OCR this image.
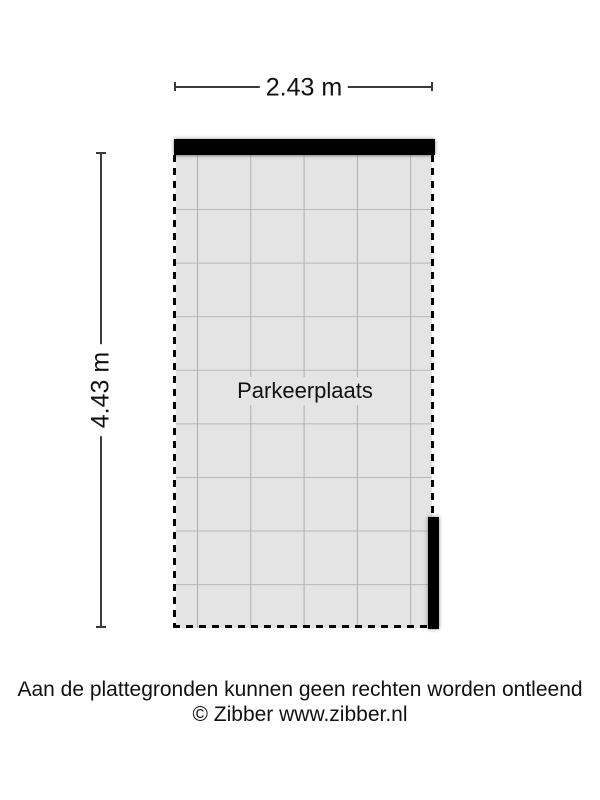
2.43 m
4.43 m	Parkeerplaats

Aan de plattegronden kunnen geen rechten worden ontleend

© Zibber www.zibber.nl
